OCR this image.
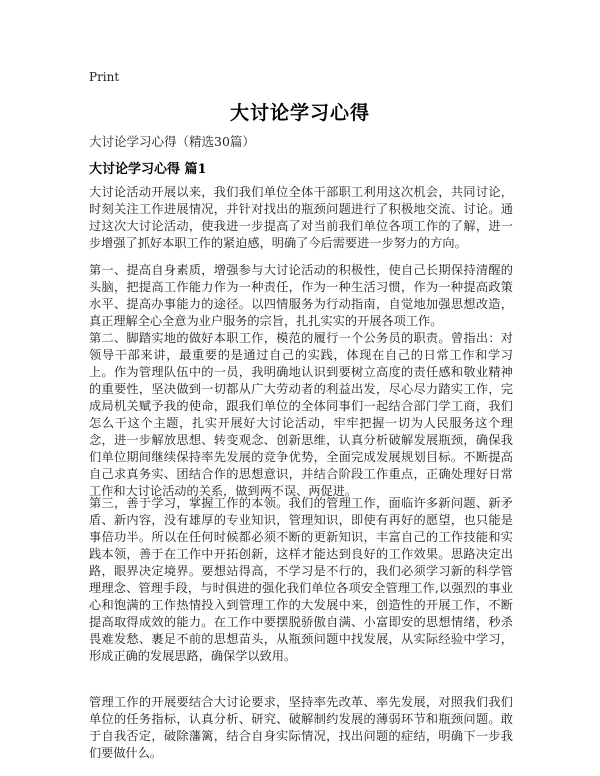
Print
大讨论学习心得
大讨论学习心得（精选30篇）
大讨论学习心得 篇1

大讨论活动开展以来，我们我们单位全体干部职工利用这次机会，共同讨论，时刻关注工作进展情况，并针对找出的瓶颈问题进行了积极地交流、讨论。通过这次大讨论活动，使我进一步提高了对当前我们单位各项工作的了解，进一步增强了抓好本职工作的紧迫感，明确了今后需要进一步努力的方向。

第一、提高自身素质，增强参与大讨论活动的积极性，使自己长期保持清醒的头脑，把提高工作能力作为一种责任，作为一种生活习惯，作为一种提高政策水平、提高办事能力的途径。以四情服务为行动指南，自觉地加强思想改造，真正理解全心全意为业户服务的宗旨，扎扎实实的开展各项工作。

第二、脚踏实地的做好本职工作，模范的履行一个公务员的职责。曾指出：对领导干部来讲，最重要的是通过自己的实践，体现在自己的日常工作和学习上。作为管理队伍中的一员，我明确地认识到要树立高度的责任感和敬业精神的重要性，坚决做到一切都从广大劳动者的利益出发，尽心尽力踏实工作，完成局机关赋予我的使命，跟我们单位的全体同事们一起结合部门学工商，我们怎么干这个主题，扎实开展好大讨论活动，牢牢把握一切为人民服务这个理念，进一步解放思想、转变观念、创新思维，认真分析破解发展瓶颈，确保我们单位期间继续保持率先发展的竞争优势，全面完成发展规划目标。不断提高自己求真务实、团结合作的思想意识，并结合阶段工作重点，正确处理好日常工作和大讨论活动的关系，做到两不误、两促进。

第三，善于学习，掌握工作的本领。我们的管理工作，面临许多新问题、新矛盾、新内容，没有雄厚的专业知识，管理知识，即使有再好的愿望，也只能是事倍功半。所以在任何时候都必须不断的更新知识，丰富自己的工作技能和实践本领，善于在工作中开拓创新，这样才能达到良好的工作效果。思路决定出路，眼界决定境界。要想站得高，不学习是不行的，我们必须学习新的科学管理理念、管理手段，与时俱进的强化我们单位各项安全管理工作,以强烈的事业心和饱满的工作热情投入到管理工作的大发展中来，创造性的开展工作，不断提高取得成效的能力。在工作中要摆脱骄傲自满、小富即安的思想情绪，秒杀畏难发愁、裹足不前的思想苗头，从瓶颈问题中找发展，从实际经验中学习，形成正确的发展思路，确保学以致用。

管理工作的开展要结合大讨论要求，坚持率先改革、率先发展，对照我们我们单位的任务指标，认真分析、研究、破解制约发展的薄弱环节和瓶颈问题。敢于自我否定，破除藩篱，结合自身实际情况，找出问题的症结，明确下一步我们要做什么。
